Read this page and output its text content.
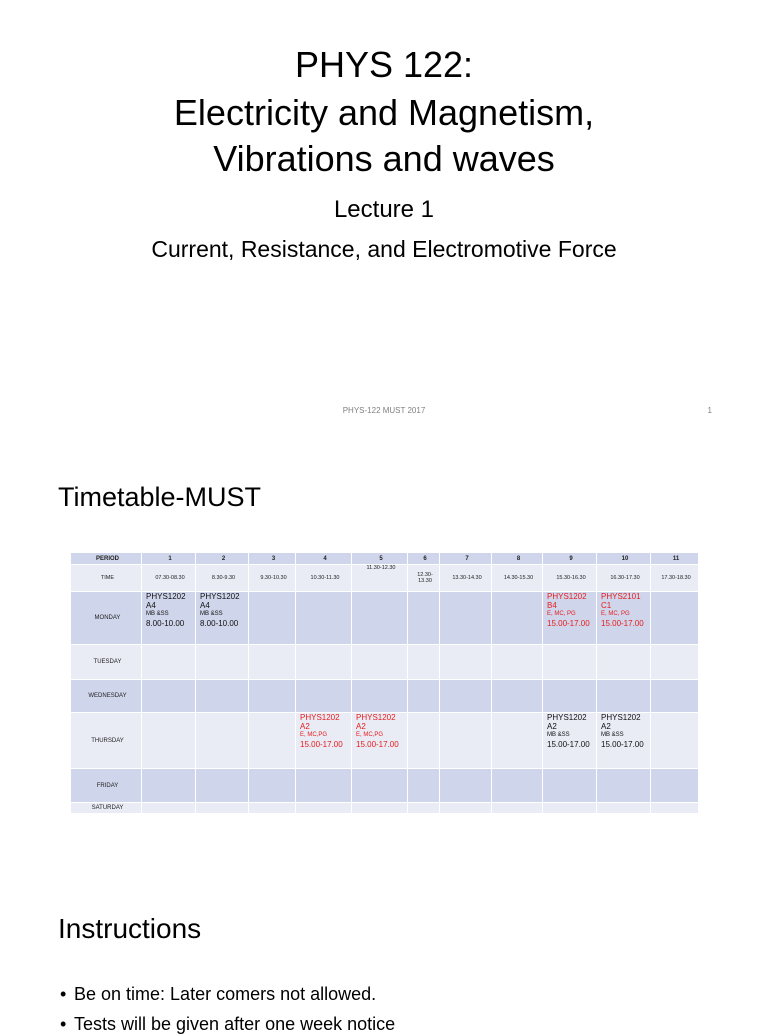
PHYS 122:
Electricity and Magnetism,
Vibrations and waves
Lecture 1
Current, Resistance, and Electromotive Force
PHYS-122 MUST 2017	1
Timetable-MUST
PERIOD	1	2	3	4	5	6	7	8	9	10	11
TIME	07.30-08.30	8.30-9.30	9.30-10.30	10.30-11.30	11.30-12.30	12.30-13.30	13.30-14.30	14.30-15.30	15.30-16.30	16.30-17.30	17.30-18.30
MONDAY	PHYS1202
A4
MB &SS
8.00-10.00	PHYS1202
A4
MB &SS
8.00-10.00							PHYS1202
B4
E, MC, PG
15.00-17.00	PHYS2101
C1
E, MC, PG
15.00-17.00	

TUESDAY											
WEDNESDAY											
THURSDAY				PHYS1202
A2
E, MC,PG
15.00-17.00	PHYS1202
A2
E, MC,PG
15.00-17.00				PHYS1202
A2
MB &SS
15.00-17.00	PHYS1202
A2
MB &SS
15.00-17.00	

FRIDAY											
SATURDAY											
Instructions
• Be on time: Later comers not allowed.
• Tests will be given after one week notice
